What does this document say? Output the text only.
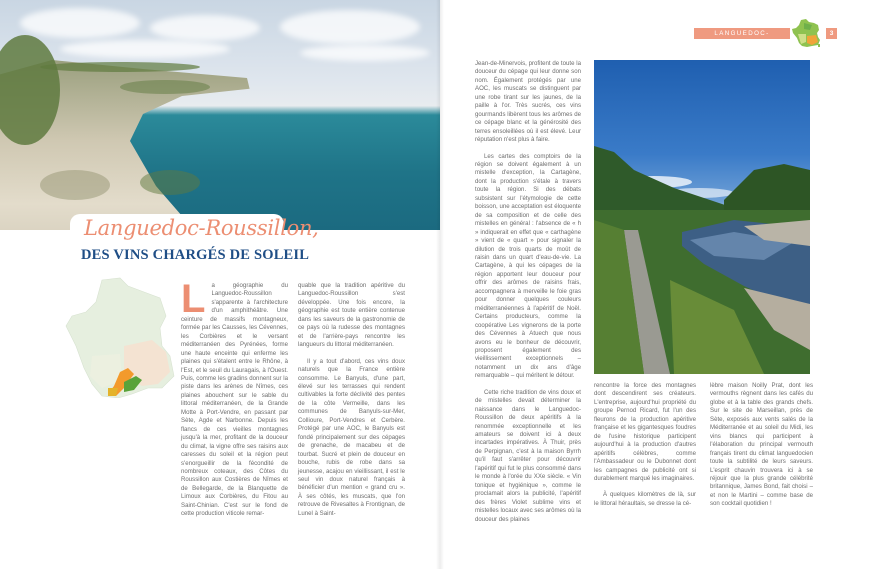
Languedoc-Roussillon,
DES VINS CHARGÉS DE SOLEIL
L a géographie du Languedoc-Roussillon s'apparente à l'architecture d'un amphithéâtre. Une ceinture de massifs montagneux, formée par les Causses, les Cévennes, les Corbières et le versant méditerranéen des Pyrénées, forme une haute enceinte qui enferme les plaines qui s'étalent entre le Rhône, à l'Est, et le seuil du Lauragais, à l'Ouest. Puis, comme les gradins donnent sur la piste dans les arènes de Nîmes, ces plaines abouchent sur le sable du littoral méditerranéen, de la Grande Motte à Port-Vendre, en passant par Sète, Agde et Narbonne. Depuis les flancs de ces vieilles montagnes jusqu'à la mer, profitant de la douceur du climat, la vigne offre ses raisins aux caresses du soleil et la région peut s'enorgueillir de la fécondité de nombreux coteaux, des Côtes du Roussillon aux Costières de Nîmes et de Bellegarde, de la Blanquette de Limoux aux Corbières, du Fitou au Saint-Chinian. C'est sur le fond de cette production viticole remar-

quable que la tradition apéritive du Languedoc-Roussillon s'est développée. Une fois encore, la géographie est toute entière contenue dans les saveurs de la gastronomie de ce pays où la rudesse des montagnes et de l'arrière-pays rencontre les langueurs du littoral méditerranéen.

Il y a tout d'abord, ces vins doux naturels que la France entière consomme. Le Banyuls, d'une part, élevé sur les terrasses qui rendent cultivables la forte déclivité des pentes de la côte Vermeille, dans les communes de Banyuls-sur-Mer, Collioure, Port-Vendres et Cerbère. Protégé par une AOC, le Banyuls est fondé principalement sur des cépages de grenache, de macabeu et de tourbat. Sucré et plein de douceur en bouche, rubis de robe dans sa jeunesse, acajou en vieillissant, il est le seul vin doux naturel français à bénéficier d'un mention « grand cru ». À ses côtés, les muscats, que l'on retrouve de Rivesaltes à Frontignan, de Lunel à Saint-

LANGUEDOC-ROUSSILLON
3

Jean-de-Minervois, profitent de toute la douceur du cépage qui leur donne son nom. Également protégés par une AOC, les muscats se distinguent par une robe tirant sur les jaunes, de la paille à l'or. Très sucrés, ces vins gourmands libèrent tous les arômes de ce cépage blanc et la générosité des terres ensoleillées où il est élevé. Leur réputation n'est plus à faire.

Les cartes des comptoirs de la région se doivent également à un mistelle d'exception, la Cartagène, dont la production s'étale à travers toute la région. Si des débats subsistent sur l'étymologie de cette boisson, une acceptation est éloquente de sa composition et de celle des mistelles en général : l'absence de « h » indiquerait en effet que « carthagène » vient de « quart » pour signaler la dilution de trois quarts de moût de raisin dans un quart d'eau-de-vie. La Cartagène, à qui les cépages de la région apportent leur douceur pour offrir des arômes de raisins frais, accompagnera à merveille le foie gras pour donner quelques couleurs méditerranéennes à l'apéritif de Noël. Certains producteurs, comme la coopérative Les vignerons de la porte des Cévennes à Atuech que nous avons eu le bonheur de découvrir, proposent également des vieillissement exceptionnels – notamment un dix ans d'âge remarquable – qui méritent le détour.

Cette riche tradition de vins doux et de mistelles devait déterminer la naissance dans le Languedoc-Roussillon de deux apéritifs à la renommée exceptionnelle et les amateurs se doivent ici à deux incartades impératives. À Thuir, près de Perpignan, c'est à la maison Byrrh qu'il faut s'arrêter pour découvrir l'apéritif qui fut le plus consommé dans le monde à l'orée du XXe siècle. « Vin tonique et hygiénique », comme le proclamait alors la publicité, l'apéritif des frères Violet sublime vins et mistelles locaux avec ses arômes où la douceur des plaines

rencontre la force des montagnes dont descendirent ses créateurs. L'entreprise, aujourd'hui propriété du groupe Pernod Ricard, fut l'un des fleurons de la production apéritive française et les gigantesques foudres de l'usine historique participent aujourd'hui à la production d'autres apéritifs célèbres, comme l'Ambassadeur ou le Dubonnet dont les campagnes de publicité ont si durablement marqué les imaginaires.

À quelques kilomètres de là, sur le littoral héraultais, se dresse la cé-

lèbre maison Noilly Prat, dont les vermouths règnent dans les cafés du globe et à la table des grands chefs. Sur le site de Marseillan, près de Sète, exposés aux vents salés de la Méditerranée et au soleil du Midi, les vins blancs qui participent à l'élaboration du principal vermouth français tirent du climat languedocien toute la subtilité de leurs saveurs. L'esprit chauvin trouvera ici à se réjouir que la plus grande célébrité britannique, James Bond, fait choisi – et non le Martini – comme base de son cocktail quotidien !
